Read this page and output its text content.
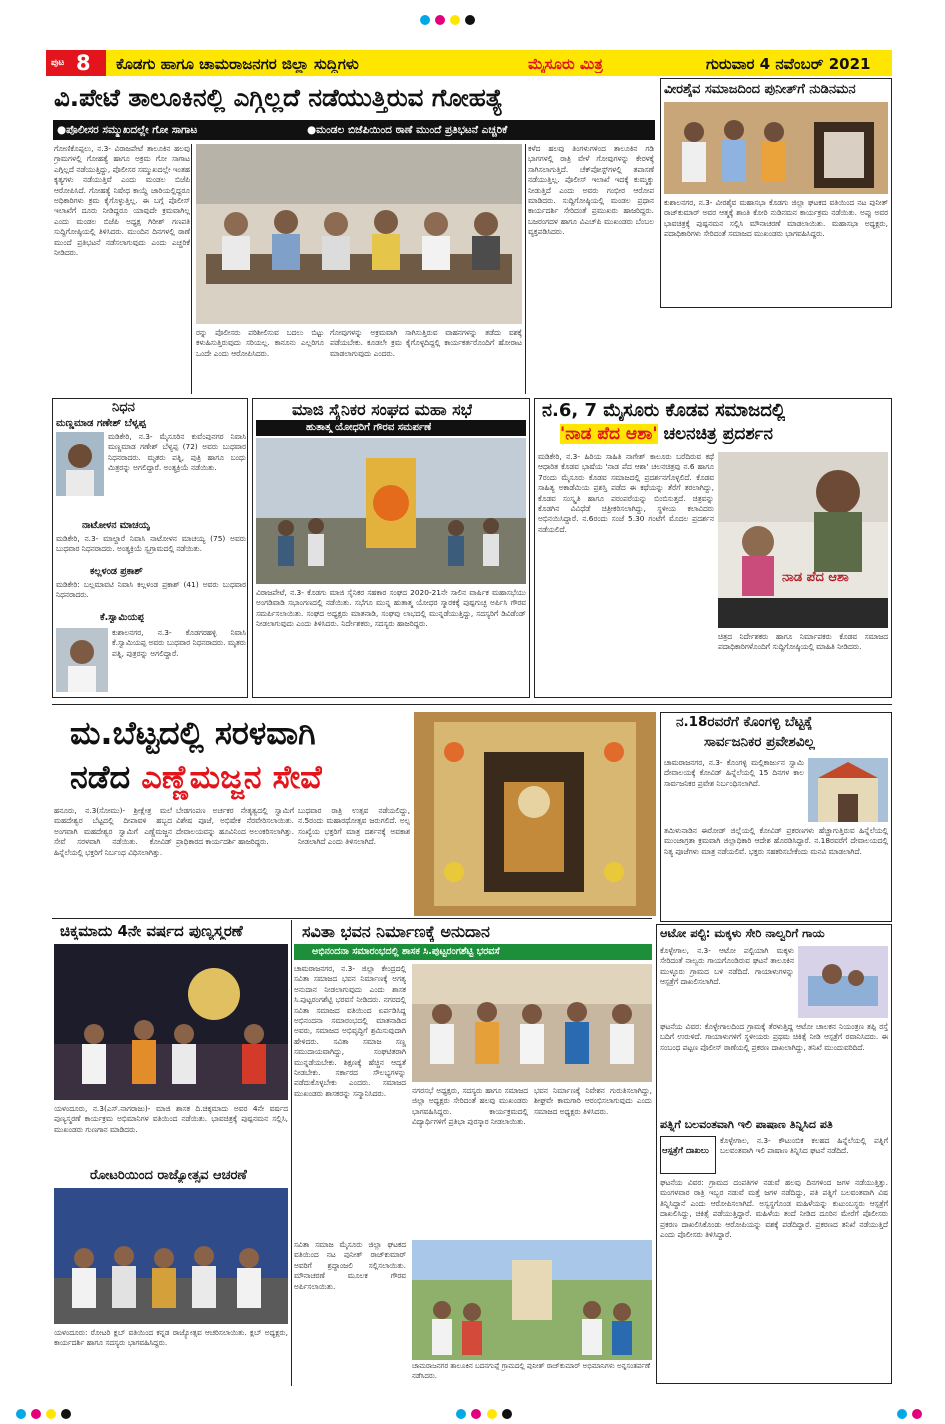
ಪುಟ 8 ಕೊಡಗು ಹಾಗೂ ಚಾಮರಾಜನಗರ ಜಿಲ್ಲಾ ಸುದ್ದಿಗಳು	ಮೈಸೂರು ಮಿತ್ರ	ಗುರುವಾರ 4 ನವೆಂಬರ್ 2021
ವಿ.ಪೇಟೆ ತಾಲೂಕಿನಲ್ಲಿ ಎಗ್ಗಿಲ್ಲದೆ ನಡೆಯುತ್ತಿರುವ ಗೋಹತ್ಯೆ
●ಪೊಲೀಸರ ಸಮ್ಮುಖದಲ್ಲೇ ಗೋ ಸಾಗಾಟ	●ಮಂಡಲ ಬಿಜೆಪಿಯಿಂದ ಠಾಣೆ ಮುಂದೆ ಪ್ರತಿಭಟನೆ ಎಚ್ಚರಿಕೆ
ಗೋಣಿಕೊಪ್ಪಲು, ನ.3- ವಿರಾಜಪೇಟೆ ತಾಲೂಕಿನ ಹಲವು ಗ್ರಾಮಗಳಲ್ಲಿ ಗೋಹತ್ಯೆ ಹಾಗೂ ಅಕ್ರಮ ಗೋ ಸಾಗಾಟ ಎಗ್ಗಿಲ್ಲದೆ ನಡೆಯುತ್ತಿದ್ದು, ಪೊಲೀಸರ ಸಮ್ಮುಖದಲ್ಲೇ ಇಂತಹ ಕೃತ್ಯಗಳು ನಡೆಯುತ್ತಿವೆ ಎಂದು ಮಂಡಲ ಬಿಜೆಪಿ ಆರೋಪಿಸಿದೆ. ಗೋಹತ್ಯೆ ನಿಷೇಧ ಕಾಯ್ದೆ ಜಾರಿಯಲ್ಲಿದ್ದರೂ ಅಧಿಕಾರಿಗಳು ಕ್ರಮ ಕೈಗೊಳ್ಳುತ್ತಿಲ್ಲ. ಈ ಬಗ್ಗೆ ಪೊಲೀಸ್ ಇಲಾಖೆಗೆ ದೂರು ನೀಡಿದ್ದರೂ ಯಾವುದೇ ಕ್ರಮವಾಗಿಲ್ಲ ಎಂದು ಮಂಡಲ ಬಿಜೆಪಿ ಅಧ್ಯಕ್ಷ ಗಿರೀಶ್ ಗಣಪತಿ ಸುದ್ದಿಗೋಷ್ಠಿಯಲ್ಲಿ ತಿಳಿಸಿದರು. ಮುಂದಿನ ದಿನಗಳಲ್ಲಿ ಠಾಣೆ ಮುಂದೆ ಪ್ರತಿಭಟನೆ ನಡೆಸಲಾಗುವುದು ಎಂದು ಎಚ್ಚರಿಕೆ ನೀಡಿದರು.
ರನ್ನು ಪೊಲೀಸರು ಪರಿಶೀಲಿಸುವ ಬದಲು ಬಿಟ್ಟು ಕಳುಹಿಸುತ್ತಿರುವುದು ಸರಿಯಲ್ಲ. ಕಾನೂನು ಎಲ್ಲರಿಗೂ ಒಂದೇ ಎಂದು ಆರೋಪಿಸಿದರು.
ಗೋವುಗಳನ್ನು ಅಕ್ರಮವಾಗಿ ಸಾಗಿಸುತ್ತಿರುವ ವಾಹನಗಳನ್ನು ತಡೆದು ವಶಕ್ಕೆ ಪಡೆಯಬೇಕು. ಕೂಡಲೇ ಕ್ರಮ ಕೈಗೊಳ್ಳದಿದ್ದಲ್ಲಿ ಕಾರ್ಯಕರ್ತರೊಂದಿಗೆ ಹೋರಾಟ ಮಾಡಲಾಗುವುದು ಎಂದರು.
ಕಳೆದ ಹಲವು ತಿಂಗಳುಗಳಿಂದ ತಾಲೂಕಿನ ಗಡಿ ಭಾಗಗಳಲ್ಲಿ ರಾತ್ರಿ ವೇಳೆ ಗೋವುಗಳನ್ನು ಕೇರಳಕ್ಕೆ ಸಾಗಿಸಲಾಗುತ್ತಿದೆ. ಚೆಕ್‌ಪೋಸ್ಟ್‌ಗಳಲ್ಲಿ ತಪಾಸಣೆ ನಡೆಯುತ್ತಿಲ್ಲ. ಪೊಲೀಸ್ ಇಲಾಖೆ ಇದಕ್ಕೆ ಕುಮ್ಮಕ್ಕು ನೀಡುತ್ತಿದೆ ಎಂದು ಅವರು ಗಂಭೀರ ಆರೋಪ ಮಾಡಿದರು. ಸುದ್ದಿಗೋಷ್ಠಿಯಲ್ಲಿ ಮಂಡಲ ಪ್ರಧಾನ ಕಾರ್ಯದರ್ಶಿ ಸೇರಿದಂತೆ ಪ್ರಮುಖರು ಹಾಜರಿದ್ದರು. ಬಜರಂಗದಳ ಹಾಗೂ ವಿಎಚ್‌ಪಿ ಮುಖಂಡರು ಬೆಂಬಲ ವ್ಯಕ್ತಪಡಿಸಿದರು.
ವೀರಶೈವ ಸಮಾಜದಿಂದ ಪುನೀತ್‌ಗೆ ನುಡಿನಮನ
ಕುಶಾಲನಗರ, ನ.3- ವೀರಶೈವ ಮಹಾಸಭಾ ಕೊಡಗು ಜಿಲ್ಲಾ ಘಟಕದ ವತಿಯಿಂದ ನಟ ಪುನೀತ್ ರಾಜ್‌ಕುಮಾರ್ ಅವರ ಆತ್ಮಕ್ಕೆ ಶಾಂತಿ ಕೋರಿ ನುಡಿನಮನ ಕಾರ್ಯಕ್ರಮ ನಡೆಯಿತು. ಅಪ್ಪು ಅವರ ಭಾವಚಿತ್ರಕ್ಕೆ ಪುಷ್ಪನಮನ ಸಲ್ಲಿಸಿ ಮೌನಾಚರಣೆ ಮಾಡಲಾಯಿತು. ಮಹಾಸಭಾ ಅಧ್ಯಕ್ಷರು, ಪದಾಧಿಕಾರಿಗಳು ಸೇರಿದಂತೆ ಸಮಾಜದ ಮುಖಂಡರು ಭಾಗವಹಿಸಿದ್ದರು.
ನಿಧನ
ಮಣ್ಣಮಾಡ ಗಣೇಶ್ ಬೆಳ್ಯಪ್ಪ
ಮಡಿಕೇರಿ, ನ.3- ಮೈಸೂರಿನ ಕುವೆಂಪುನಗರ ನಿವಾಸಿ ಮಣ್ಣಮಾಡ ಗಣೇಶ್ ಬೆಳ್ಯಪ್ಪ (72) ಅವರು ಬುಧವಾರ ನಿಧನರಾದರು. ಮೃತರು ಪತ್ನಿ, ಪುತ್ರಿ ಹಾಗೂ ಬಂಧು ಮಿತ್ರರನ್ನು ಅಗಲಿದ್ದಾರೆ. ಅಂತ್ಯಕ್ರಿಯೆ ನಡೆಯಿತು.
ನಾಟೋಳನ ಮಾಚಯ್ಯ
ಮಡಿಕೇರಿ, ನ.3- ಮಾಲ್ದಾರೆ ನಿವಾಸಿ ನಾಟೋಳನ ಮಾಚಯ್ಯ (75) ಅವರು ಬುಧವಾರ ನಿಧನರಾದರು. ಅಂತ್ಯಕ್ರಿಯೆ ಸ್ವಗ್ರಾಮದಲ್ಲಿ ನಡೆಯಿತು.
ಕಲ್ಲಳಂಡ ಪ್ರಕಾಶ್
ಮಡಿಕೇರಿ: ಬಲ್ಲಮಾವಟಿ ನಿವಾಸಿ ಕಲ್ಲಳಂಡ ಪ್ರಕಾಶ್ (41) ಅವರು ಬುಧವಾರ ನಿಧನರಾದರು.
ಕೆ.ಸ್ವಾಮಿಯಪ್ಪ
ಕುಶಾಲನಗರ, ನ.3- ಕೊಡಗರಹಳ್ಳಿ ನಿವಾಸಿ ಕೆ.ಸ್ವಾಮಿಯಪ್ಪ ಅವರು ಬುಧವಾರ ನಿಧನರಾದರು. ಮೃತರು ಪತ್ನಿ, ಪುತ್ರರನ್ನು ಅಗಲಿದ್ದಾರೆ.
ಮಾಜಿ ಸೈನಿಕರ ಸಂಘದ ಮಹಾ ಸಭೆ
ಹುತಾತ್ಮ ಯೋಧರಿಗೆ ಗೌರವ ಸಮರ್ಪಣೆ
ವಿರಾಜಪೇಟೆ, ನ.3- ಕೊಡಗು ಮಾಜಿ ಸೈನಿಕರ ಸಹಕಾರ ಸಂಘದ 2020-21ನೇ ಸಾಲಿನ ವಾರ್ಷಿಕ ಮಹಾಸಭೆಯು ಅಂಗಡಿವಾಡಿ ಸಭಾಂಗಣದಲ್ಲಿ ನಡೆಯಿತು. ಸಭೆಗೂ ಮುನ್ನ ಹುತಾತ್ಮ ಯೋಧರ ಸ್ಮಾರಕಕ್ಕೆ ಪುಷ್ಪಗುಚ್ಛ ಅರ್ಪಿಸಿ ಗೌರವ ಸಮರ್ಪಿಸಲಾಯಿತು. ಸಂಘದ ಅಧ್ಯಕ್ಷರು ಮಾತನಾಡಿ, ಸಂಘವು ಲಾಭದಲ್ಲಿ ಮುನ್ನಡೆಯುತ್ತಿದ್ದು, ಸದಸ್ಯರಿಗೆ ಡಿವಿಡೆಂಡ್ ನೀಡಲಾಗುವುದು ಎಂದು ತಿಳಿಸಿದರು. ನಿರ್ದೇಶಕರು, ಸದಸ್ಯರು ಹಾಜರಿದ್ದರು.
ನ.6, 7 ಮೈಸೂರು ಕೊಡವ ಸಮಾಜದಲ್ಲಿ
'ನಾಡ ಪೆದ ಆಶಾ' ಚಲನಚಿತ್ರ ಪ್ರದರ್ಶನ
ಮಡಿಕೇರಿ, ನ.3- ಹಿರಿಯ ಸಾಹಿತಿ ನಾಗೇಶ್ ಕಾಲೂರು ಬರೆದಿರುವ ಕಥೆ ಆಧಾರಿತ ಕೊಡವ ಭಾಷೆಯ 'ನಾಡ ಪೆದ ಆಶಾ' ಚಲನಚಿತ್ರವು ನ.6 ಹಾಗೂ 7ರಂದು ಮೈಸೂರು ಕೊಡವ ಸಮಾಜದಲ್ಲಿ ಪ್ರದರ್ಶನಗೊಳ್ಳಲಿದೆ. ಕೊಡವ ಸಾಹಿತ್ಯ ಅಕಾಡೆಮಿಯ ಪ್ರಶಸ್ತಿ ಪಡೆದ ಈ ಕಥೆಯನ್ನು ತೆರೆಗೆ ತರಲಾಗಿದ್ದು, ಕೊಡವ ಸಂಸ್ಕೃತಿ ಹಾಗೂ ಪರಂಪರೆಯನ್ನು ಬಿಂಬಿಸುತ್ತದೆ. ಚಿತ್ರವನ್ನು ಕೊಡಗಿನ ವಿವಿಧೆಡೆ ಚಿತ್ರೀಕರಿಸಲಾಗಿದ್ದು, ಸ್ಥಳೀಯ ಕಲಾವಿದರು ಅಭಿನಯಿಸಿದ್ದಾರೆ. ನ.6ರಂದು ಸಂಜೆ 5.30 ಗಂಟೆಗೆ ಮೊದಲ ಪ್ರದರ್ಶನ ನಡೆಯಲಿದೆ.
ನಾಡ ಪೆದ ಆಶಾ
ಚಿತ್ರದ ನಿರ್ದೇಶಕರು ಹಾಗೂ ನಿರ್ಮಾಪಕರು ಕೊಡವ ಸಮಾಜದ ಪದಾಧಿಕಾರಿಗಳೊಂದಿಗೆ ಸುದ್ದಿಗೋಷ್ಠಿಯಲ್ಲಿ ಮಾಹಿತಿ ನೀಡಿದರು.
ಮ.ಬೆಟ್ಟದಲ್ಲಿ ಸರಳವಾಗಿ
ನಡೆದ ಎಣ್ಣೆಮಜ್ಜನ ಸೇವೆ
ಹನೂರು, ನ.3(ಸೋಮು)- ಶ್ರೀಕ್ಷೇತ್ರ ಮಲೆ ಮಹದೇಶ್ವರ ಬೆಟ್ಟದಲ್ಲಿ ದೀಪಾವಳಿ ಹಬ್ಬದ ಅಂಗವಾಗಿ ಮಹದೇಶ್ವರ ಸ್ವಾಮಿಗೆ ಎಣ್ಣೆಮಜ್ಜನ ಸೇವೆ ಸರಳವಾಗಿ ನಡೆಯಿತು. ಕೋವಿಡ್ ಹಿನ್ನೆಲೆಯಲ್ಲಿ ಭಕ್ತರಿಗೆ ನಿರ್ಬಂಧ ವಿಧಿಸಲಾಗಿತ್ತು.
ಬೇಡಗಂಪಣ ಅರ್ಚಕರ ನೇತೃತ್ವದಲ್ಲಿ ಸ್ವಾಮಿಗೆ ವಿಶೇಷ ಪೂಜೆ, ಅಭಿಷೇಕ ನೆರವೇರಿಸಲಾಯಿತು. ದೇವಾಲಯವನ್ನು ಹೂವಿನಿಂದ ಅಲಂಕರಿಸಲಾಗಿತ್ತು. ಪ್ರಾಧಿಕಾರದ ಕಾರ್ಯದರ್ಶಿ ಹಾಜರಿದ್ದರು.
ಬುಧವಾರ ರಾತ್ರಿ ಉತ್ಸವ ನಡೆಯಲಿದ್ದು, ನ.5ರಂದು ಮಹಾರಥೋತ್ಸವ ಜರುಗಲಿದೆ. ಅಲ್ಪ ಸಂಖ್ಯೆಯ ಭಕ್ತರಿಗೆ ಮಾತ್ರ ದರ್ಶನಕ್ಕೆ ಅವಕಾಶ ನೀಡಲಾಗಿದೆ ಎಂದು ತಿಳಿಸಲಾಗಿದೆ.
ನ.18ರವರೆಗೆ ಕೊಂಗಳ್ಳಿ ಬೆಟ್ಟಕ್ಕೆ
ಸಾರ್ವಜನಿಕರ ಪ್ರವೇಶವಿಲ್ಲ
ಚಾಮರಾಜನಗರ, ನ.3- ಕೊಂಗಳ್ಳಿ ಮಲ್ಲಿಕಾರ್ಜುನ ಸ್ವಾಮಿ ದೇವಾಲಯಕ್ಕೆ ಕೋವಿಡ್ ಹಿನ್ನೆಲೆಯಲ್ಲಿ 15 ದಿನಗಳ ಕಾಲ ಸಾರ್ವಜನಿಕರ ಪ್ರವೇಶ ನಿರ್ಬಂಧಿಸಲಾಗಿದೆ.
ತಮಿಳುನಾಡಿನ ಈರೋಡ್ ಜಿಲ್ಲೆಯಲ್ಲಿ ಕೋವಿಡ್ ಪ್ರಕರಣಗಳು ಹೆಚ್ಚಾಗುತ್ತಿರುವ ಹಿನ್ನೆಲೆಯಲ್ಲಿ ಮುಂಜಾಗ್ರತಾ ಕ್ರಮವಾಗಿ ಜಿಲ್ಲಾಧಿಕಾರಿ ಆದೇಶ ಹೊರಡಿಸಿದ್ದಾರೆ. ನ.18ರವರೆಗೆ ದೇವಾಲಯದಲ್ಲಿ ನಿತ್ಯ ಪೂಜೆಗಳು ಮಾತ್ರ ನಡೆಯಲಿವೆ. ಭಕ್ತರು ಸಹಕರಿಸಬೇಕೆಂದು ಮನವಿ ಮಾಡಲಾಗಿದೆ.
ಚಿಕ್ಕಮಾದು 4ನೇ ವರ್ಷದ ಪುಣ್ಯಸ್ಮರಣೆ
ಯಳಂದೂರು, ನ.3(ಎಸ್.ನಾಗರಾಜು)- ಮಾಜಿ ಶಾಸಕ ದಿ.ಚಿಕ್ಕಮಾದು ಅವರ 4ನೇ ವರ್ಷದ ಪುಣ್ಯಸ್ಮರಣೆ ಕಾರ್ಯಕ್ರಮ ಅಭಿಮಾನಿಗಳ ವತಿಯಿಂದ ನಡೆಯಿತು. ಭಾವಚಿತ್ರಕ್ಕೆ ಪುಷ್ಪನಮನ ಸಲ್ಲಿಸಿ, ಮುಖಂಡರು ಗುಣಗಾನ ಮಾಡಿದರು.
ರೋಟರಿಯಿಂದ ರಾಜ್ಯೋತ್ಸವ ಆಚರಣೆ
ಯಳಂದೂರು: ರೋಟರಿ ಕ್ಲಬ್ ವತಿಯಿಂದ ಕನ್ನಡ ರಾಜ್ಯೋತ್ಸವ ಆಚರಿಸಲಾಯಿತು. ಕ್ಲಬ್ ಅಧ್ಯಕ್ಷರು, ಕಾರ್ಯದರ್ಶಿ ಹಾಗೂ ಸದಸ್ಯರು ಭಾಗವಹಿಸಿದ್ದರು.
ಸವಿತಾ ಭವನ ನಿರ್ಮಾಣಕ್ಕೆ ಅನುದಾನ
ಅಭಿನಂದನಾ ಸಮಾರಂಭದಲ್ಲಿ ಶಾಸಕ ಸಿ.ಪುಟ್ಟರಂಗಶೆಟ್ಟಿ ಭರವಸೆ
ಚಾಮರಾಜನಗರ, ನ.3- ಜಿಲ್ಲಾ ಕೇಂದ್ರದಲ್ಲಿ ಸವಿತಾ ಸಮಾಜದ ಭವನ ನಿರ್ಮಾಣಕ್ಕೆ ಅಗತ್ಯ ಅನುದಾನ ನೀಡಲಾಗುವುದು ಎಂದು ಶಾಸಕ ಸಿ.ಪುಟ್ಟರಂಗಶೆಟ್ಟಿ ಭರವಸೆ ನೀಡಿದರು. ನಗರದಲ್ಲಿ ಸವಿತಾ ಸಮಾಜದ ವತಿಯಿಂದ ಏರ್ಪಡಿಸಿದ್ದ ಅಭಿನಂದನಾ ಸಮಾರಂಭದಲ್ಲಿ ಮಾತನಾಡಿದ ಅವರು, ಸಮಾಜದ ಅಭಿವೃದ್ಧಿಗೆ ಶ್ರಮಿಸುವುದಾಗಿ ಹೇಳಿದರು. ಸವಿತಾ ಸಮಾಜ ಸಣ್ಣ ಸಮುದಾಯವಾಗಿದ್ದು, ಸಂಘಟಿತರಾಗಿ ಮುನ್ನಡೆಯಬೇಕು. ಶಿಕ್ಷಣಕ್ಕೆ ಹೆಚ್ಚಿನ ಆದ್ಯತೆ ನೀಡಬೇಕು. ಸರ್ಕಾರದ ಸೌಲಭ್ಯಗಳನ್ನು ಪಡೆದುಕೊಳ್ಳಬೇಕು ಎಂದರು. ಸಮಾಜದ ಮುಖಂಡರು ಶಾಸಕರನ್ನು ಸನ್ಮಾನಿಸಿದರು.	ನಗರಸಭೆ ಅಧ್ಯಕ್ಷರು, ಸದಸ್ಯರು ಹಾಗೂ ಸಮಾಜದ ಜಿಲ್ಲಾ ಅಧ್ಯಕ್ಷರು ಸೇರಿದಂತೆ ಹಲವು ಮುಖಂಡರು ಭಾಗವಹಿಸಿದ್ದರು. ಕಾರ್ಯಕ್ರಮದಲ್ಲಿ ವಿದ್ಯಾರ್ಥಿಗಳಿಗೆ ಪ್ರತಿಭಾ ಪುರಸ್ಕಾರ ನೀಡಲಾಯಿತು.
ಭವನ ನಿರ್ಮಾಣಕ್ಕೆ ನಿವೇಶನ ಗುರುತಿಸಲಾಗಿದ್ದು, ಶೀಘ್ರವೇ ಕಾಮಗಾರಿ ಆರಂಭಿಸಲಾಗುವುದು ಎಂದು ಸಮಾಜದ ಅಧ್ಯಕ್ಷರು ತಿಳಿಸಿದರು.
ಸವಿತಾ ಸಮಾಜ ಮೈಸೂರು ಜಿಲ್ಲಾ ಘಟಕದ ವತಿಯಿಂದ ನಟ ಪುನೀತ್ ರಾಜ್‌ಕುಮಾರ್ ಅವರಿಗೆ ಶ್ರದ್ಧಾಂಜಲಿ ಸಲ್ಲಿಸಲಾಯಿತು. ಮೌನಾಚರಣೆ ಮೂಲಕ ಗೌರವ ಅರ್ಪಿಸಲಾಯಿತು.
ಚಾಮರಾಜನಗರ ತಾಲೂಕಿನ ಬದನಗುಪ್ಪೆ ಗ್ರಾಮದಲ್ಲಿ ಪುನೀತ್ ರಾಜ್‌ಕುಮಾರ್ ಅಭಿಮಾನಿಗಳು ಅನ್ನಸಂತರ್ಪಣೆ ನಡೆಸಿದರು.
ಆಟೋ ಪಲ್ಟಿ: ಮಕ್ಕಳು ಸೇರಿ ನಾಲ್ವರಿಗೆ ಗಾಯ
ಕೊಳ್ಳೇಗಾಲ, ನ.3- ಆಟೋ ಪಲ್ಟಿಯಾಗಿ ಮಕ್ಕಳು ಸೇರಿದಂತೆ ನಾಲ್ವರು ಗಾಯಗೊಂಡಿರುವ ಘಟನೆ ತಾಲೂಕಿನ ಮುಳ್ಳೂರು ಗ್ರಾಮದ ಬಳಿ ನಡೆದಿದೆ. ಗಾಯಾಳುಗಳನ್ನು ಆಸ್ಪತ್ರೆಗೆ ದಾಖಲಿಸಲಾಗಿದೆ.
ಘಟನೆಯ ವಿವರ: ಕೊಳ್ಳೇಗಾಲದಿಂದ ಗ್ರಾಮಕ್ಕೆ ತೆರಳುತ್ತಿದ್ದ ಆಟೋ ಚಾಲಕನ ನಿಯಂತ್ರಣ ತಪ್ಪಿ ರಸ್ತೆ ಬದಿಗೆ ಉರುಳಿದೆ. ಗಾಯಾಳುಗಳಿಗೆ ಸ್ಥಳೀಯರು ಪ್ರಥಮ ಚಿಕಿತ್ಸೆ ನೀಡಿ ಆಸ್ಪತ್ರೆಗೆ ರವಾನಿಸಿದರು. ಈ ಸಂಬಂಧ ಪಟ್ಟಣ ಪೊಲೀಸ್ ಠಾಣೆಯಲ್ಲಿ ಪ್ರಕರಣ ದಾಖಲಾಗಿದ್ದು, ತನಿಖೆ ಮುಂದುವರಿದಿದೆ.
ಪತ್ನಿಗೆ ಬಲವಂತವಾಗಿ ಇಲಿ ಪಾಷಾಣ ತಿನ್ನಿಸಿದ ಪತಿ
ಆಸ್ಪತ್ರೆಗೆ ದಾಖಲು
ಕೊಳ್ಳೇಗಾಲ, ನ.3- ಕೌಟುಂಬಿಕ ಕಲಹದ ಹಿನ್ನೆಲೆಯಲ್ಲಿ ಪತ್ನಿಗೆ ಬಲವಂತವಾಗಿ ಇಲಿ ಪಾಷಾಣ ತಿನ್ನಿಸಿದ ಘಟನೆ ನಡೆದಿದೆ.
ಘಟನೆಯ ವಿವರ: ಗ್ರಾಮದ ದಂಪತಿಗಳ ನಡುವೆ ಹಲವು ದಿನಗಳಿಂದ ಜಗಳ ನಡೆಯುತ್ತಿತ್ತು. ಮಂಗಳವಾರ ರಾತ್ರಿ ಇಬ್ಬರ ನಡುವೆ ಮತ್ತೆ ಜಗಳ ನಡೆದಿದ್ದು, ಪತಿ ಪತ್ನಿಗೆ ಬಲವಂತವಾಗಿ ವಿಷ ತಿನ್ನಿಸಿದ್ದಾನೆ ಎಂದು ಆರೋಪಿಸಲಾಗಿದೆ. ಅಸ್ವಸ್ಥಗೊಂಡ ಮಹಿಳೆಯನ್ನು ಕುಟುಂಬಸ್ಥರು ಆಸ್ಪತ್ರೆಗೆ ದಾಖಲಿಸಿದ್ದು, ಚಿಕಿತ್ಸೆ ಪಡೆಯುತ್ತಿದ್ದಾರೆ. ಮಹಿಳೆಯ ತಂದೆ ನೀಡಿದ ದೂರಿನ ಮೇರೆಗೆ ಪೊಲೀಸರು ಪ್ರಕರಣ ದಾಖಲಿಸಿಕೊಂಡು ಆರೋಪಿಯನ್ನು ವಶಕ್ಕೆ ಪಡೆದಿದ್ದಾರೆ. ಪ್ರಕರಣದ ತನಿಖೆ ನಡೆಯುತ್ತಿದೆ ಎಂದು ಪೊಲೀಸರು ತಿಳಿಸಿದ್ದಾರೆ.
